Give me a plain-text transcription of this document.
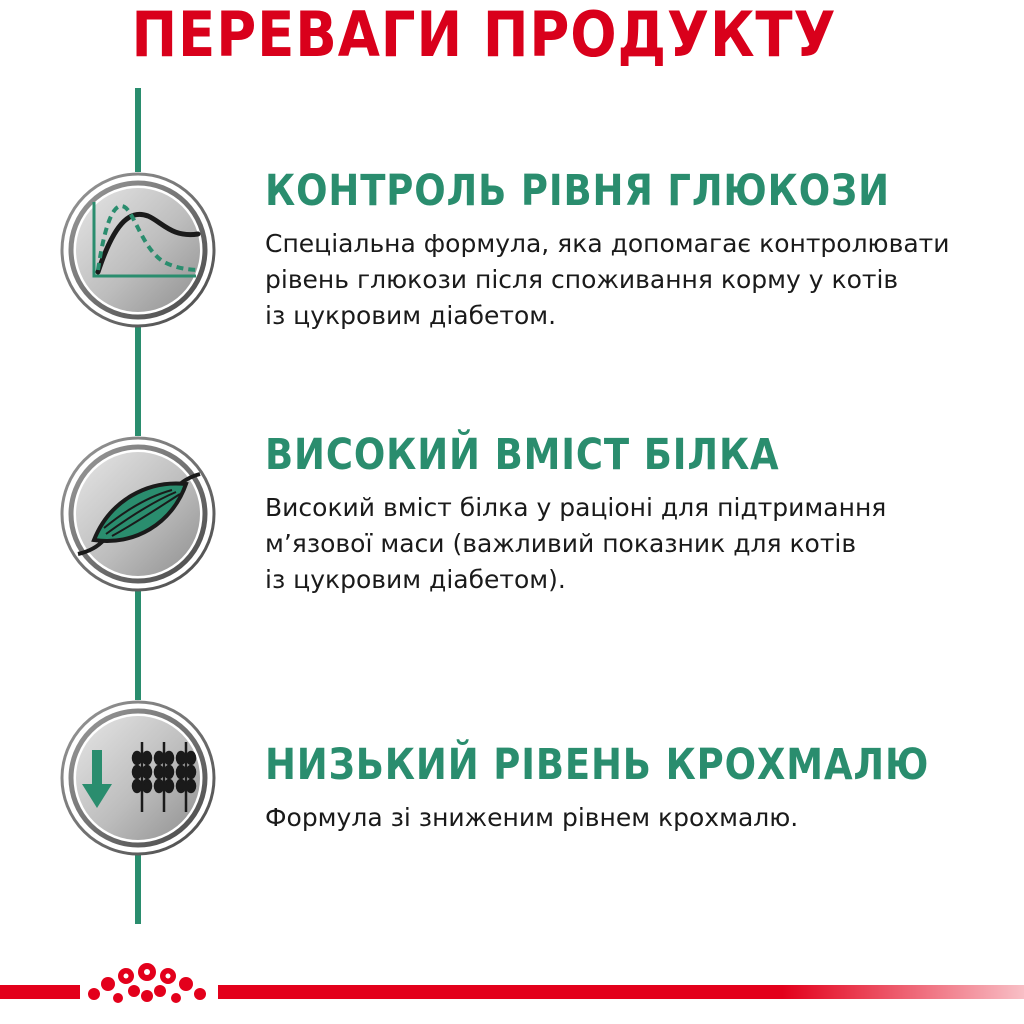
ПЕРЕВАГИ ПРОДУКТУ
КОНТРОЛЬ РІВНЯ ГЛЮКОЗИ

Спеціальна формула, яка допомагає контролювати

рівень глюкози після споживання корму у котів

із цукровим діабетом.

ВИСОКИЙ ВМІСТ БІЛКА

Високий вміст білка у раціоні для підтримання

м’язової маси (важливий показник для котів

із цукровим діабетом).

НИЗЬКИЙ РІВЕНЬ КРОХМАЛЮ

Формула зі зниженим рівнем крохмалю.
